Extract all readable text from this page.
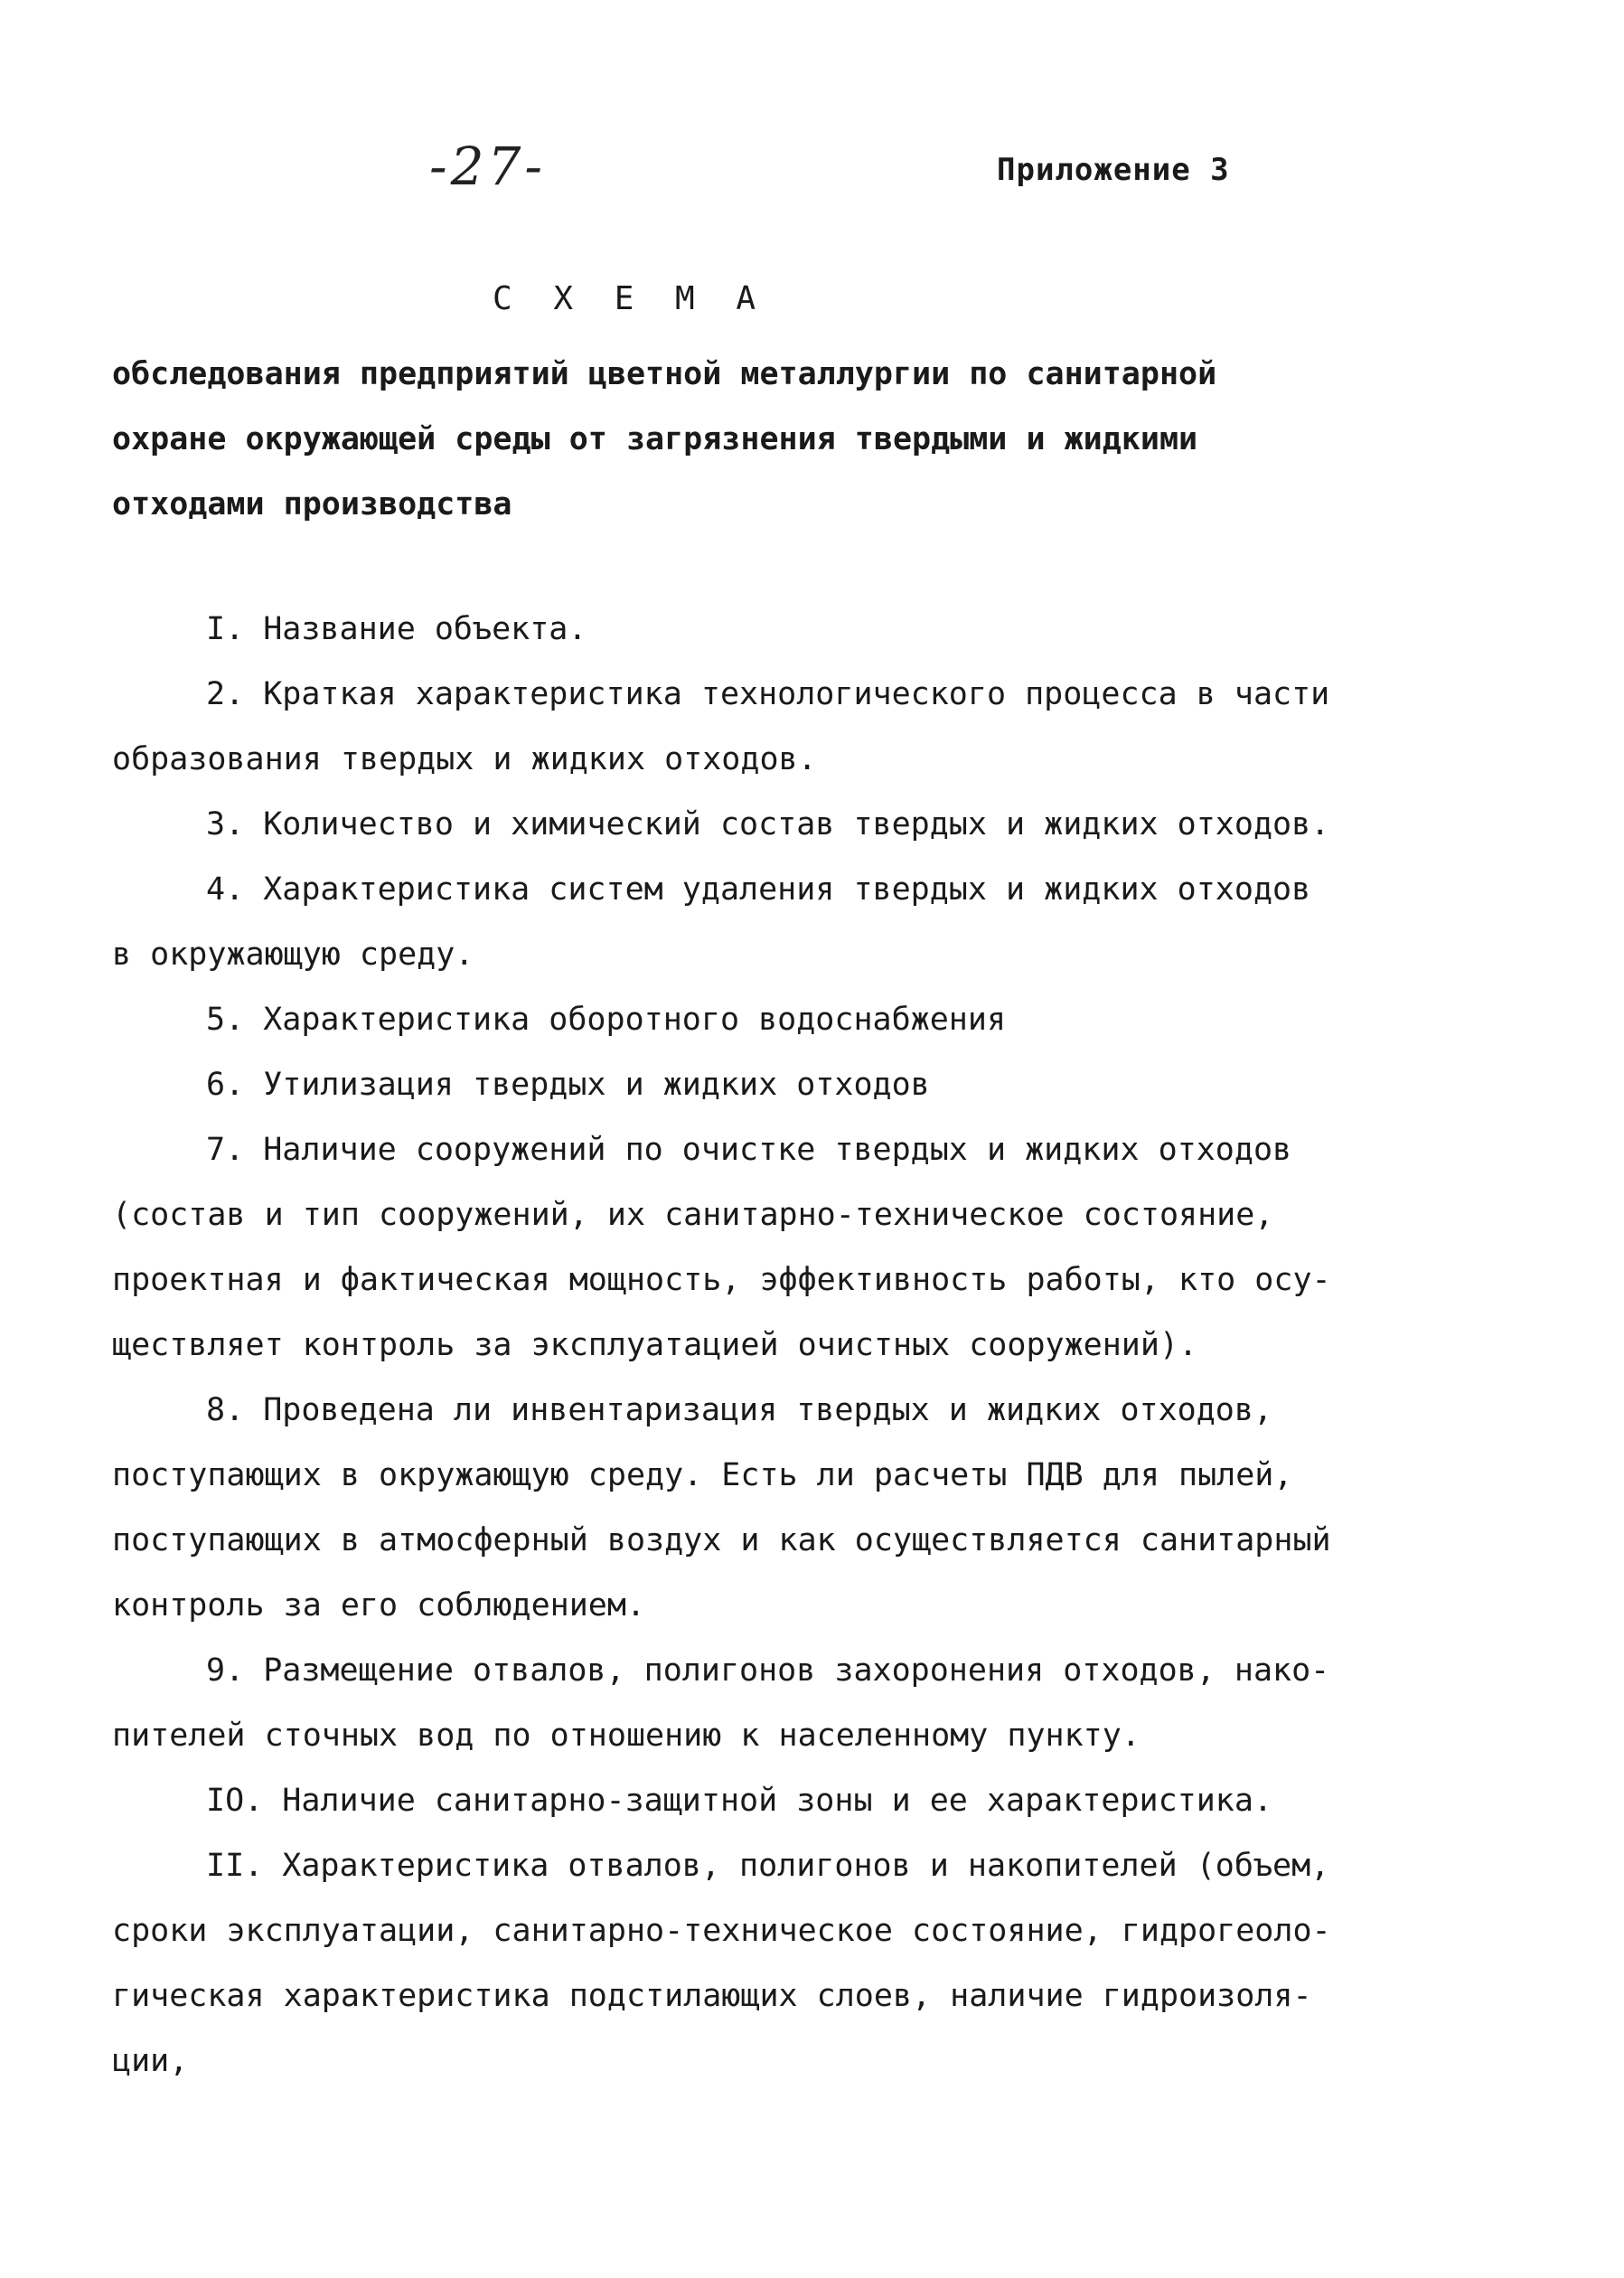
-27-	Приложение 3
С Х Е М А
обследования предприятий цветной металлургии по санитарной
охране окружающей среды от загрязнения твердыми и жидкими
отходами производства
I. Название объекта.
2. Краткая характеристика технологического процесса в части
образования твердых и жидких отходов.
3. Количество и химический состав твердых и жидких отходов.
4. Характеристика систем удаления твердых и жидких отходов
в окружающую среду.
5. Характеристика оборотного водоснабжения
6. Утилизация твердых и жидких отходов
7. Наличие сооружений по очистке твердых и жидких отходов
(состав и тип сооружений, их санитарно-техническое состояние,
проектная и фактическая мощность, эффективность работы, кто осу-
ществляет контроль за эксплуатацией очистных сооружений).
8. Проведена ли инвентаризация твердых и жидких отходов,
поступающих в окружающую среду. Есть ли расчеты ПДВ для пылей,
поступающих в атмосферный воздух и как осуществляется санитарный
контроль за его соблюдением.
9. Размещение отвалов, полигонов захоронения отходов, нако-
пителей сточных вод по отношению к населенному пункту.
IO. Наличие санитарно-защитной зоны и ее характеристика.
II. Характеристика отвалов, полигонов и накопителей (объем,
сроки эксплуатации, санитарно-техническое состояние, гидрогеоло-
гическая характеристика подстилающих слоев, наличие гидроизоля-
ции,
